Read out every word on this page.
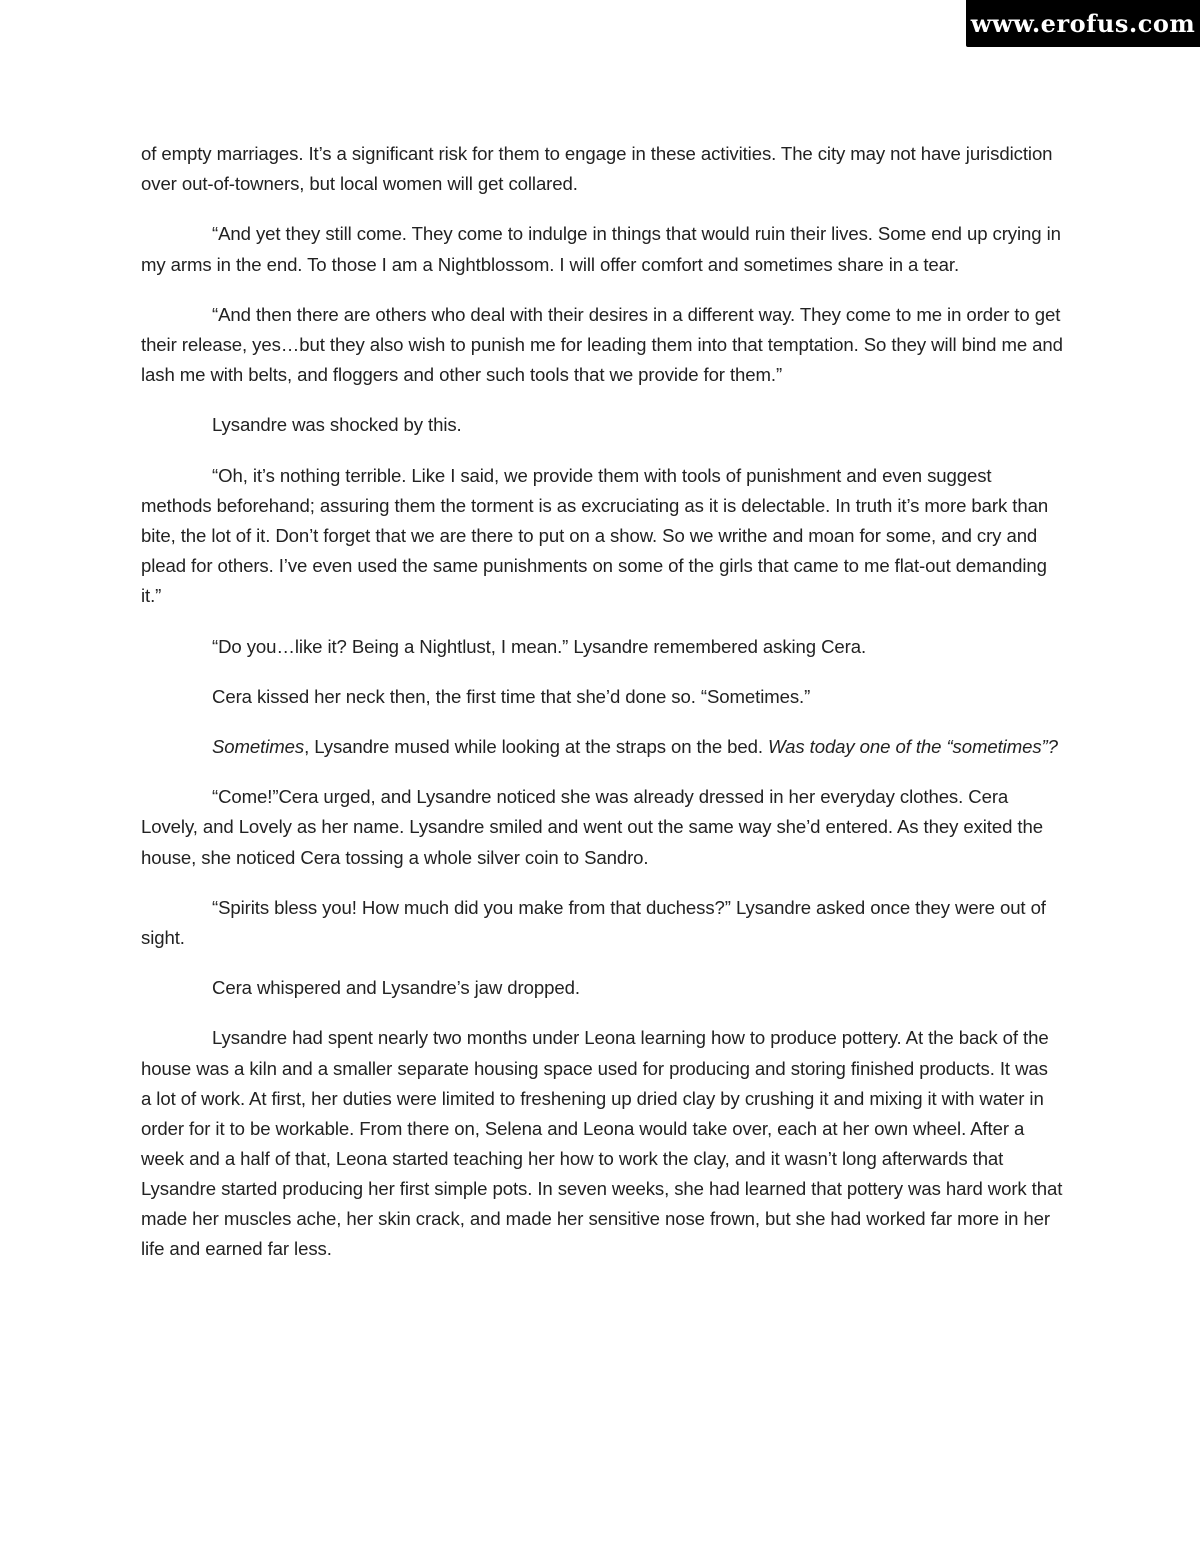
www.erofus.com

of empty marriages. It’s a significant risk for them to engage in these activities. The city may not have jurisdiction over out-of-towners, but local women will get collared.

“And yet they still come. They come to indulge in things that would ruin their lives. Some end up crying in my arms in the end. To those I am a Nightblossom. I will offer comfort and sometimes share in a tear.

“And then there are others who deal with their desires in a different way. They come to me in order to get their release, yes…but they also wish to punish me for leading them into that temptation. So they will bind me and lash me with belts, and floggers and other such tools that we provide for them.”

Lysandre was shocked by this.

“Oh, it’s nothing terrible. Like I said, we provide them with tools of punishment and even suggest methods beforehand; assuring them the torment is as excruciating as it is delectable. In truth it’s more bark than bite, the lot of it. Don’t forget that we are there to put on a show. So we writhe and moan for some, and cry and plead for others. I’ve even used the same punishments on some of the girls that came to me flat-out demanding it.”

“Do you…like it? Being a Nightlust, I mean.” Lysandre remembered asking Cera.

Cera kissed her neck then, the first time that she’d done so. “Sometimes.”

Sometimes, Lysandre mused while looking at the straps on the bed. Was today one of the “sometimes”?

“Come!”Cera urged, and Lysandre noticed she was already dressed in her everyday clothes. Cera Lovely, and Lovely as her name. Lysandre smiled and went out the same way she’d entered. As they exited the house, she noticed Cera tossing a whole silver coin to Sandro.

“Spirits bless you! How much did you make from that duchess?” Lysandre asked once they were out of sight.

Cera whispered and Lysandre’s jaw dropped.

Lysandre had spent nearly two months under Leona learning how to produce pottery. At the back of the house was a kiln and a smaller separate housing space used for producing and storing finished products. It was a lot of work. At first, her duties were limited to freshening up dried clay by crushing it and mixing it with water in order for it to be workable. From there on, Selena and Leona would take over, each at her own wheel. After a week and a half of that, Leona started teaching her how to work the clay, and it wasn’t long afterwards that Lysandre started producing her first simple pots. In seven weeks, she had learned that pottery was hard work that made her muscles ache, her skin crack, and made her sensitive nose frown, but she had worked far more in her life and earned far less.
